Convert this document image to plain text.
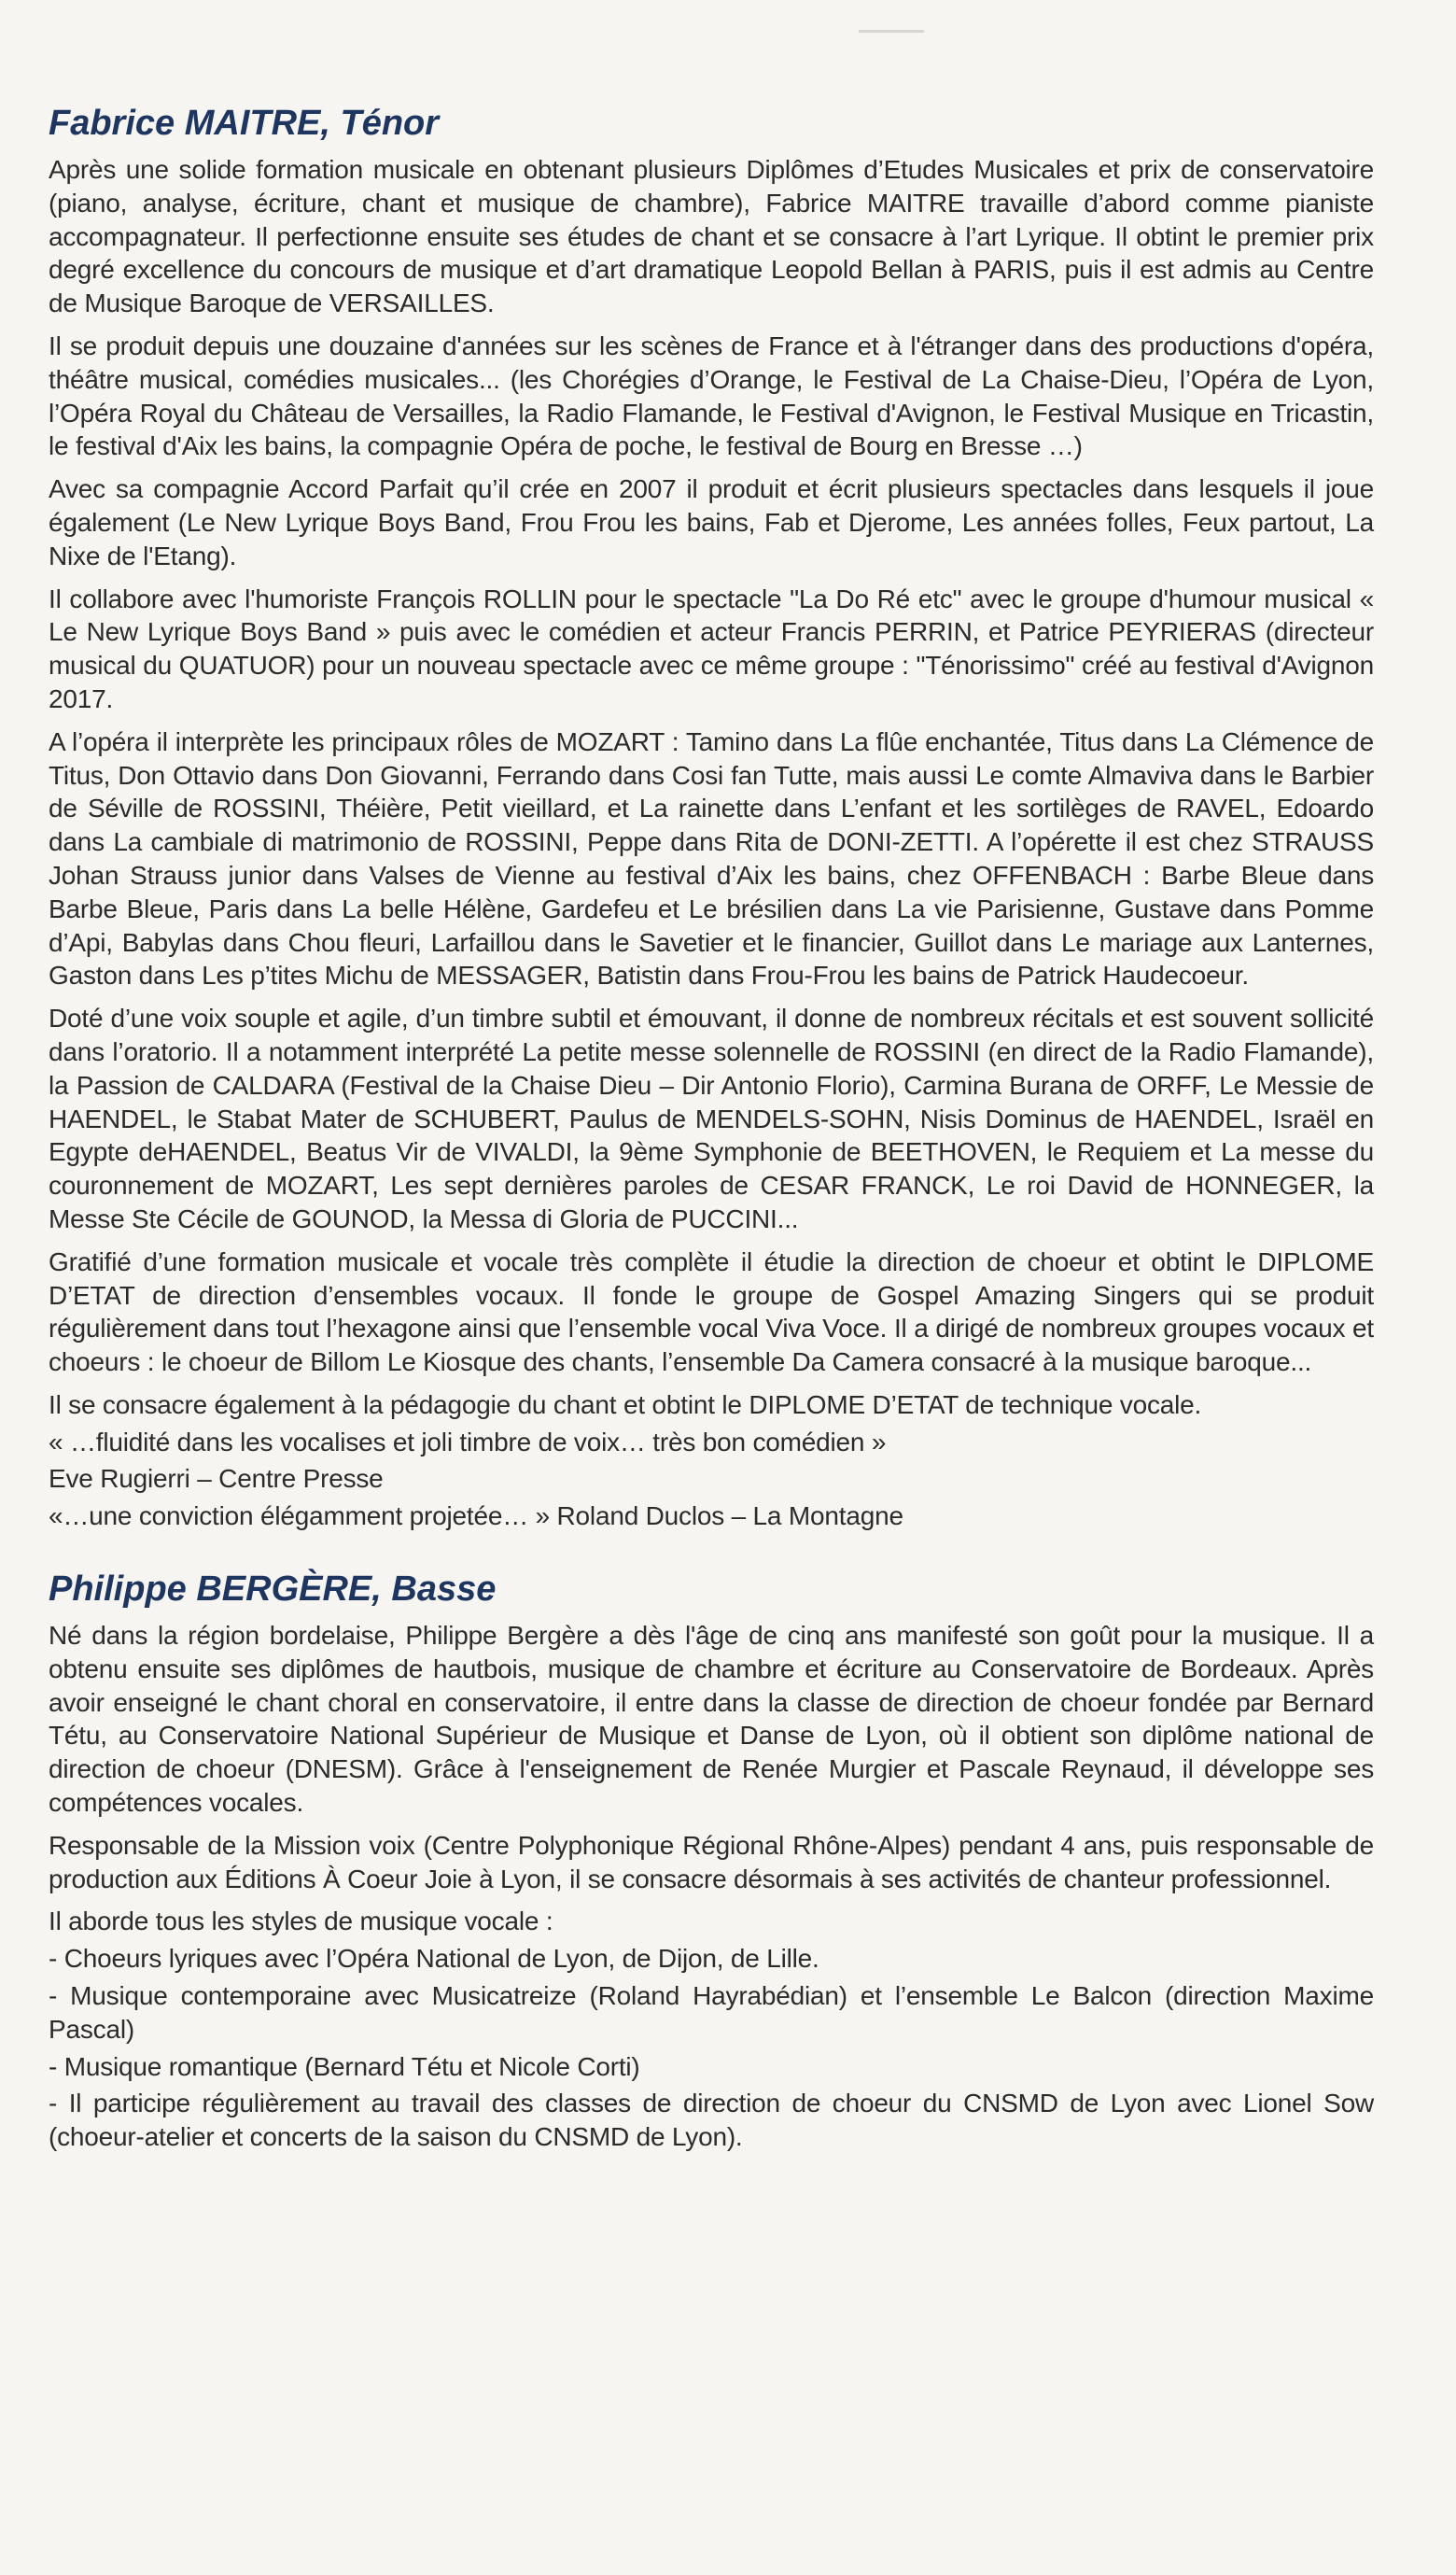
Fabrice MAITRE, Ténor

Après une solide formation musicale en obtenant plusieurs Diplômes d’Etudes Musicales et prix de conservatoire (piano, analyse, écriture, chant et musique de chambre), Fabrice MAITRE travaille d’abord comme pianiste accompagnateur. Il perfectionne ensuite ses études de chant et se consacre à l’art Lyrique. Il obtint le premier prix degré excellence du concours de musique et d’art dramatique Leopold Bellan à PARIS, puis il est admis au Centre de Musique Baroque de VERSAILLES.

Il se produit depuis une douzaine d'années sur les scènes de France et à l'étranger dans des productions d'opéra, théâtre musical, comédies musicales... (les Chorégies d’Orange, le Festival de La Chaise-Dieu, l’Opéra de Lyon, l’Opéra Royal du Château de Versailles, la Radio Flamande, le Festival d'Avignon, le Festival Musique en Tricastin, le festival d'Aix les bains, la compagnie Opéra de poche, le festival de Bourg en Bresse …)

Avec sa compagnie Accord Parfait qu’il crée en 2007 il produit et écrit plusieurs spectacles dans lesquels il joue également (Le New Lyrique Boys Band, Frou Frou les bains, Fab et Djerome, Les années folles, Feux partout, La Nixe de l'Etang).

Il collabore avec l'humoriste François ROLLIN pour le spectacle "La Do Ré etc" avec le groupe d'humour musical « Le New Lyrique Boys Band » puis avec le comédien et acteur Francis PERRIN, et Patrice PEYRIERAS (directeur musical du QUATUOR) pour un nouveau spectacle avec ce même groupe : "Ténorissimo" créé au festival d'Avignon 2017.

A l’opéra il interprète les principaux rôles de MOZART : Tamino dans La flûe enchantée, Titus dans La Clémence de Titus, Don Ottavio dans Don Giovanni, Ferrando dans Cosi fan Tutte, mais aussi Le comte Almaviva dans le Barbier de Séville de ROSSINI, Théière, Petit vieillard, et La rainette dans L’enfant et les sortilèges de RAVEL, Edoardo dans La cambiale di matrimonio de ROSSINI, Peppe dans Rita de DONI-ZETTI. A l’opérette il est chez STRAUSS Johan Strauss junior dans Valses de Vienne au festival d’Aix les bains, chez OFFENBACH : Barbe Bleue dans Barbe Bleue, Paris dans La belle Hélène, Gardefeu et Le brésilien dans La vie Parisienne, Gustave dans Pomme d’Api, Babylas dans Chou fleuri, Larfaillou dans le Savetier et le financier, Guillot dans Le mariage aux Lanternes, Gaston dans Les p’tites Michu de MESSAGER, Batistin dans Frou-Frou les bains de Patrick Haudecoeur.

Doté d’une voix souple et agile, d’un timbre subtil et émouvant, il donne de nombreux récitals et est souvent sollicité dans l’oratorio. Il a notamment interprété La petite messe solennelle de ROSSINI (en direct de la Radio Flamande), la Passion de CALDARA (Festival de la Chaise Dieu – Dir Antonio Florio), Carmina Burana de ORFF, Le Messie de HAENDEL, le Stabat Mater de SCHUBERT, Paulus de MENDELS-SOHN, Nisis Dominus de HAENDEL, Israël en Egypte deHAENDEL, Beatus Vir de VIVALDI, la 9ème Symphonie de BEETHOVEN, le Requiem et La messe du couronnement de MOZART, Les sept dernières paroles de CESAR FRANCK, Le roi David de HONNEGER, la Messe Ste Cécile de GOUNOD, la Messa di Gloria de PUCCINI...

Gratifié d’une formation musicale et vocale très complète il étudie la direction de choeur et obtint le DIPLOME D’ETAT de direction d’ensembles vocaux. Il fonde le groupe de Gospel Amazing Singers qui se produit régulièrement dans tout l’hexagone ainsi que l’ensemble vocal Viva Voce. Il a dirigé de nombreux groupes vocaux et choeurs : le choeur de Billom Le Kiosque des chants, l’ensemble Da Camera consacré à la musique baroque...

Il se consacre également à la pédagogie du chant et obtint le DIPLOME D’ETAT de technique vocale.

« …fluidité dans les vocalises et joli timbre de voix… très bon comédien »

Eve Rugierri – Centre Presse

«…une conviction élégamment projetée… » Roland Duclos – La Montagne

Philippe BERGÈRE, Basse

Né dans la région bordelaise, Philippe Bergère a dès l'âge de cinq ans manifesté son goût pour la musique. Il a obtenu ensuite ses diplômes de hautbois, musique de chambre et écriture au Conservatoire de Bordeaux. Après avoir enseigné le chant choral en conservatoire, il entre dans la classe de direction de choeur fondée par Bernard Tétu, au Conservatoire National Supérieur de Musique et Danse de Lyon, où il obtient son diplôme national de direction de choeur (DNESM). Grâce à l'enseignement de Renée Murgier et Pascale Reynaud, il développe ses compétences vocales.

Responsable de la Mission voix (Centre Polyphonique Régional Rhône-Alpes) pendant 4 ans, puis responsable de production aux Éditions À Coeur Joie à Lyon, il se consacre désormais à ses activités de chanteur professionnel.

Il aborde tous les styles de musique vocale :

- Choeurs lyriques avec l’Opéra National de Lyon, de Dijon, de Lille.

- Musique contemporaine avec Musicatreize (Roland Hayrabédian) et l’ensemble Le Balcon (direction Maxime Pascal)

- Musique romantique (Bernard Tétu et Nicole Corti)

- Il participe régulièrement au travail des classes de direction de choeur du CNSMD de Lyon avec Lionel Sow (choeur-atelier et concerts de la saison du CNSMD de Lyon).
